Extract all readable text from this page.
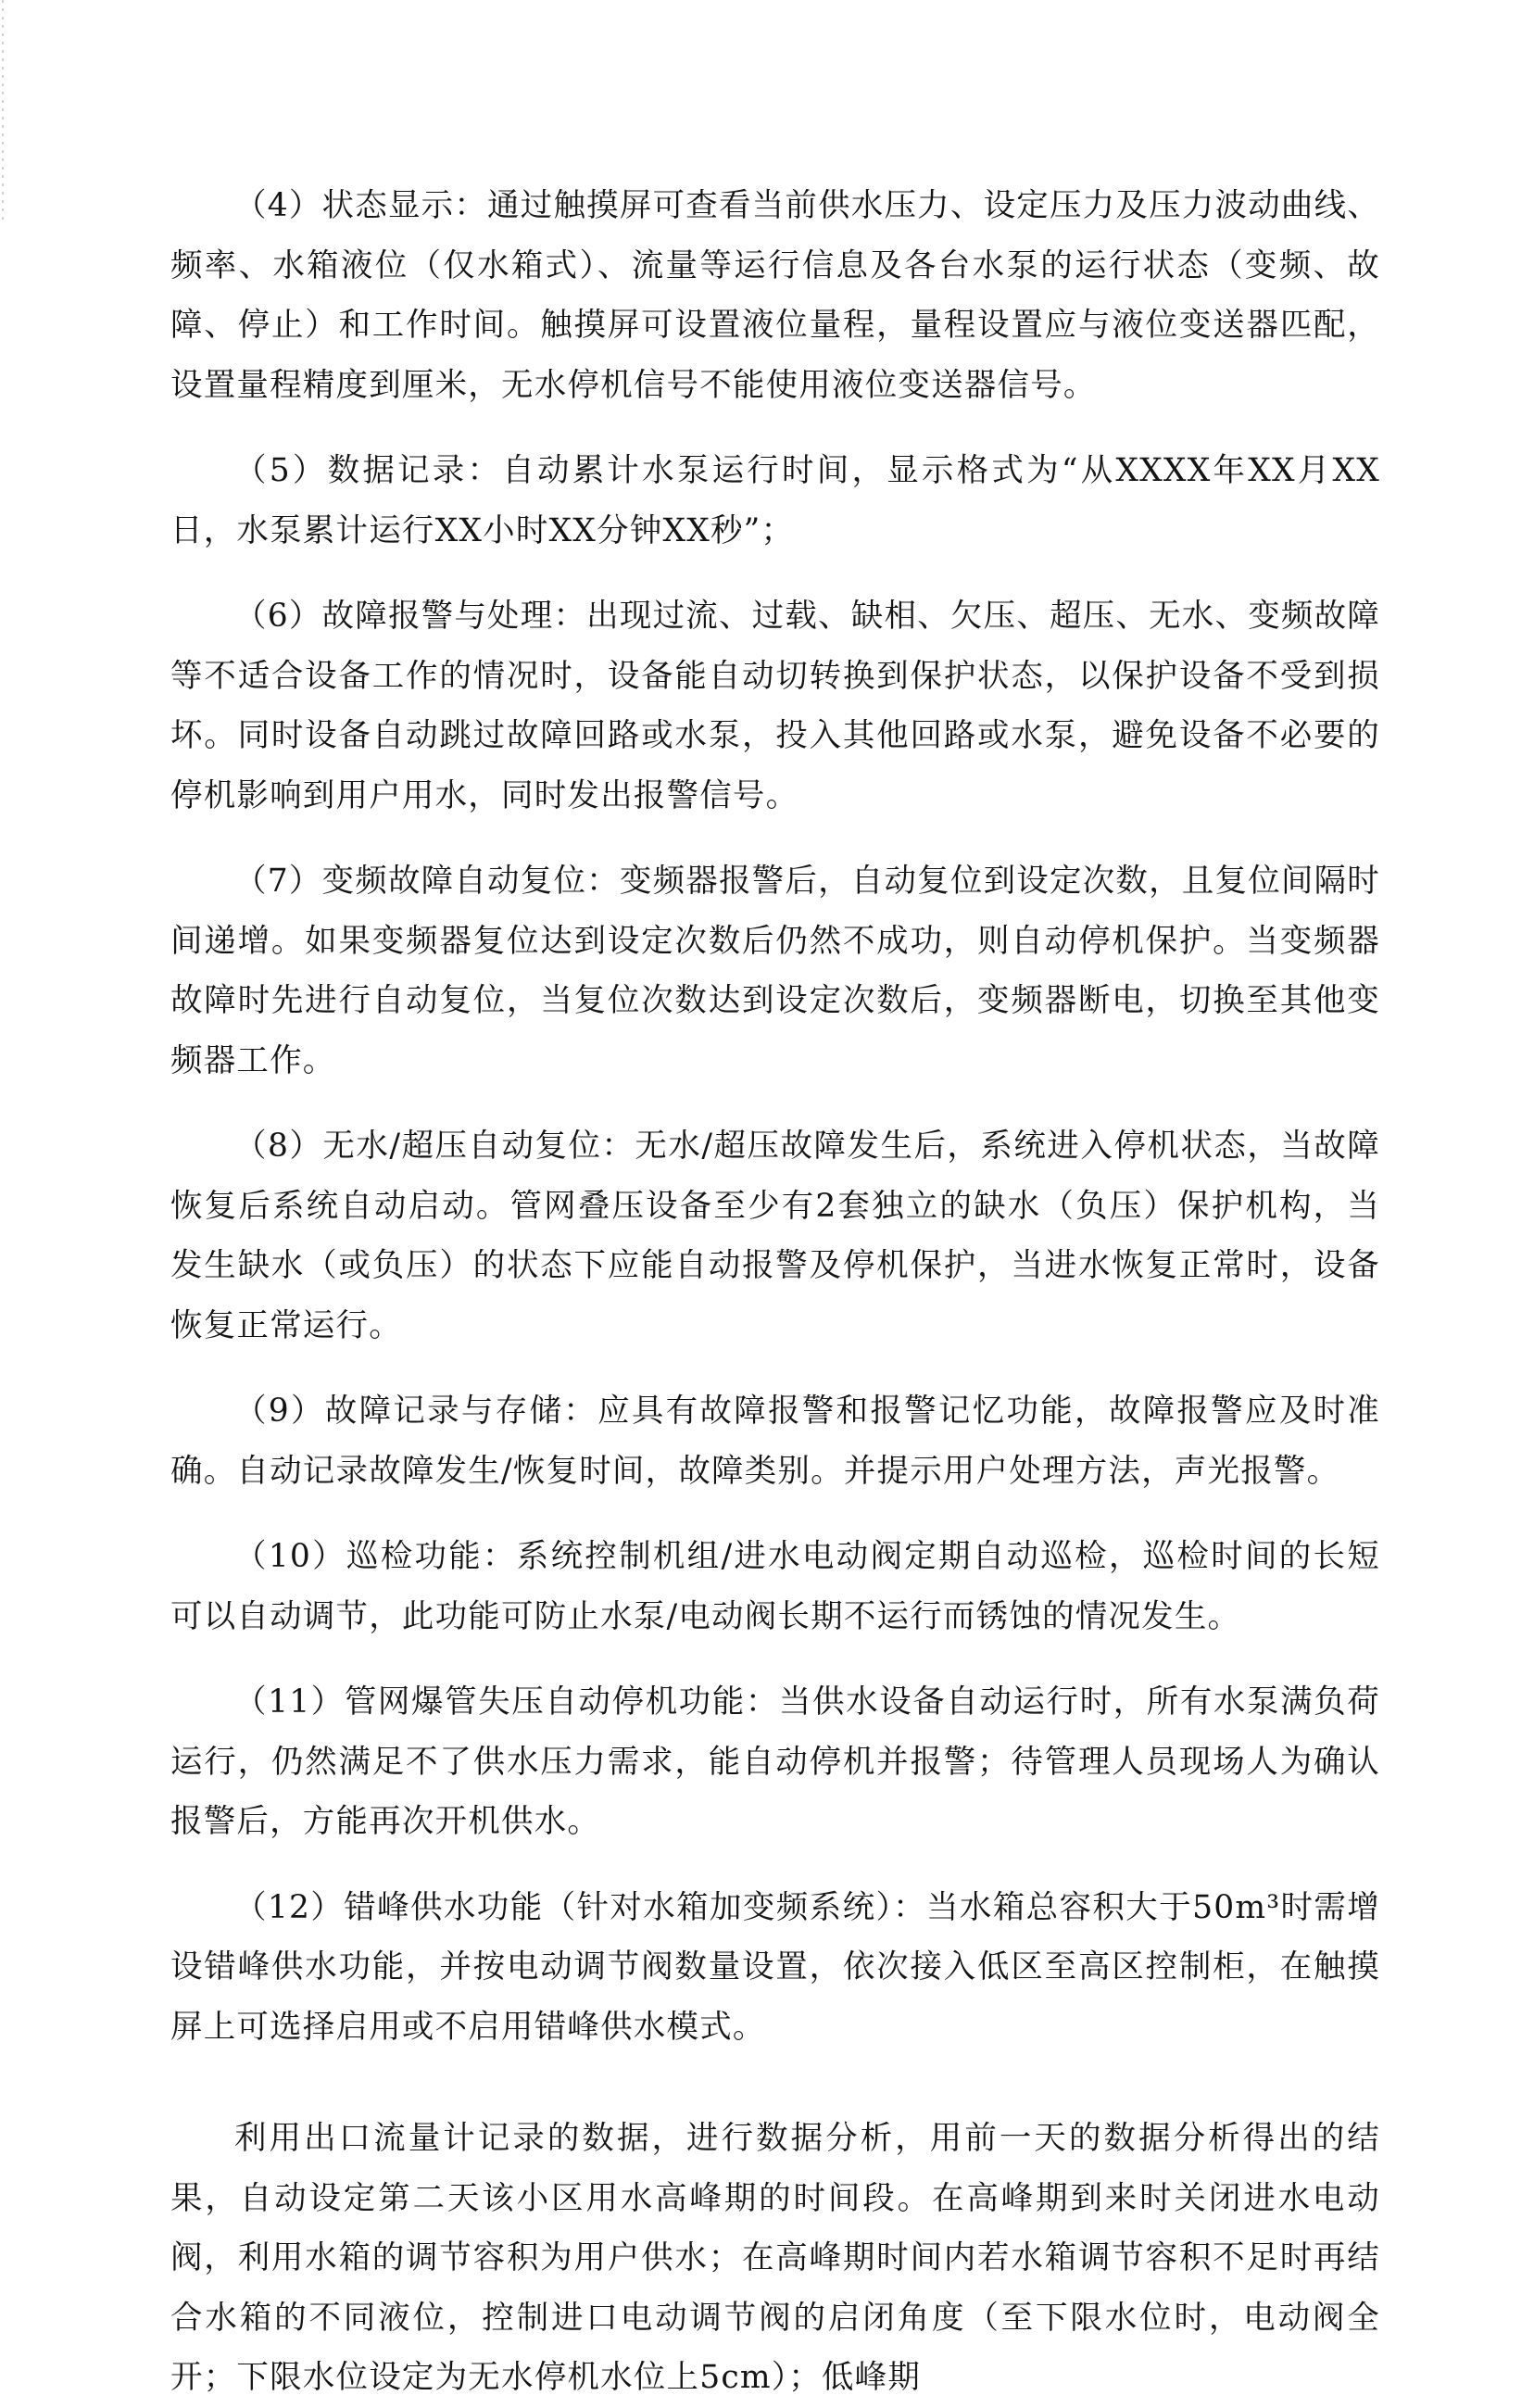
（4）状态显示：通过触摸屏可查看当前供水压力、设定压力及压力波动曲线、频率、水箱液位（仅水箱式）、流量等运行信息及各台水泵的运行状态（变频、故障、停止）和工作时间。触摸屏可设置液位量程，量程设置应与液位变送器匹配，设置量程精度到厘米，无水停机信号不能使用液位变送器信号。

（5）数据记录：自动累计水泵运行时间，显示格式为“从XXXX年XX月XX日，水泵累计运行XX小时XX分钟XX秒”；

（6）故障报警与处理：出现过流、过载、缺相、欠压、超压、无水、变频故障等不适合设备工作的情况时，设备能自动切转换到保护状态，以保护设备不受到损坏。同时设备自动跳过故障回路或水泵，投入其他回路或水泵，避免设备不必要的停机影响到用户用水，同时发出报警信号。

（7）变频故障自动复位：变频器报警后，自动复位到设定次数，且复位间隔时间递增。如果变频器复位达到设定次数后仍然不成功，则自动停机保护。当变频器故障时先进行自动复位，当复位次数达到设定次数后，变频器断电，切换至其他变频器工作。

（8）无水/超压自动复位：无水/超压故障发生后，系统进入停机状态，当故障恢复后系统自动启动。管网叠压设备至少有2套独立的缺水（负压）保护机构，当发生缺水（或负压）的状态下应能自动报警及停机保护，当进水恢复正常时，设备恢复正常运行。

（9）故障记录与存储：应具有故障报警和报警记忆功能，故障报警应及时准确。自动记录故障发生/恢复时间，故障类别。并提示用户处理方法，声光报警。

（10）巡检功能：系统控制机组/进水电动阀定期自动巡检，巡检时间的长短可以自动调节，此功能可防止水泵/电动阀长期不运行而锈蚀的情况发生。

（11）管网爆管失压自动停机功能：当供水设备自动运行时，所有水泵满负荷运行，仍然满足不了供水压力需求，能自动停机并报警；待管理人员现场人为确认报警后，方能再次开机供水。

（12）错峰供水功能（针对水箱加变频系统）：当水箱总容积大于50m³时需增设错峰供水功能，并按电动调节阀数量设置，依次接入低区至高区控制柜，在触摸屏上可选择启用或不启用错峰供水模式。

利用出口流量计记录的数据，进行数据分析，用前一天的数据分析得出的结果，自动设定第二天该小区用水高峰期的时间段。在高峰期到来时关闭进水电动阀，利用水箱的调节容积为用户供水；在高峰期时间内若水箱调节容积不足时再结合水箱的不同液位，控制进口电动调节阀的启闭角度（至下限水位时，电动阀全开；下限水位设定为无水停机水位上5cm）；低峰期
